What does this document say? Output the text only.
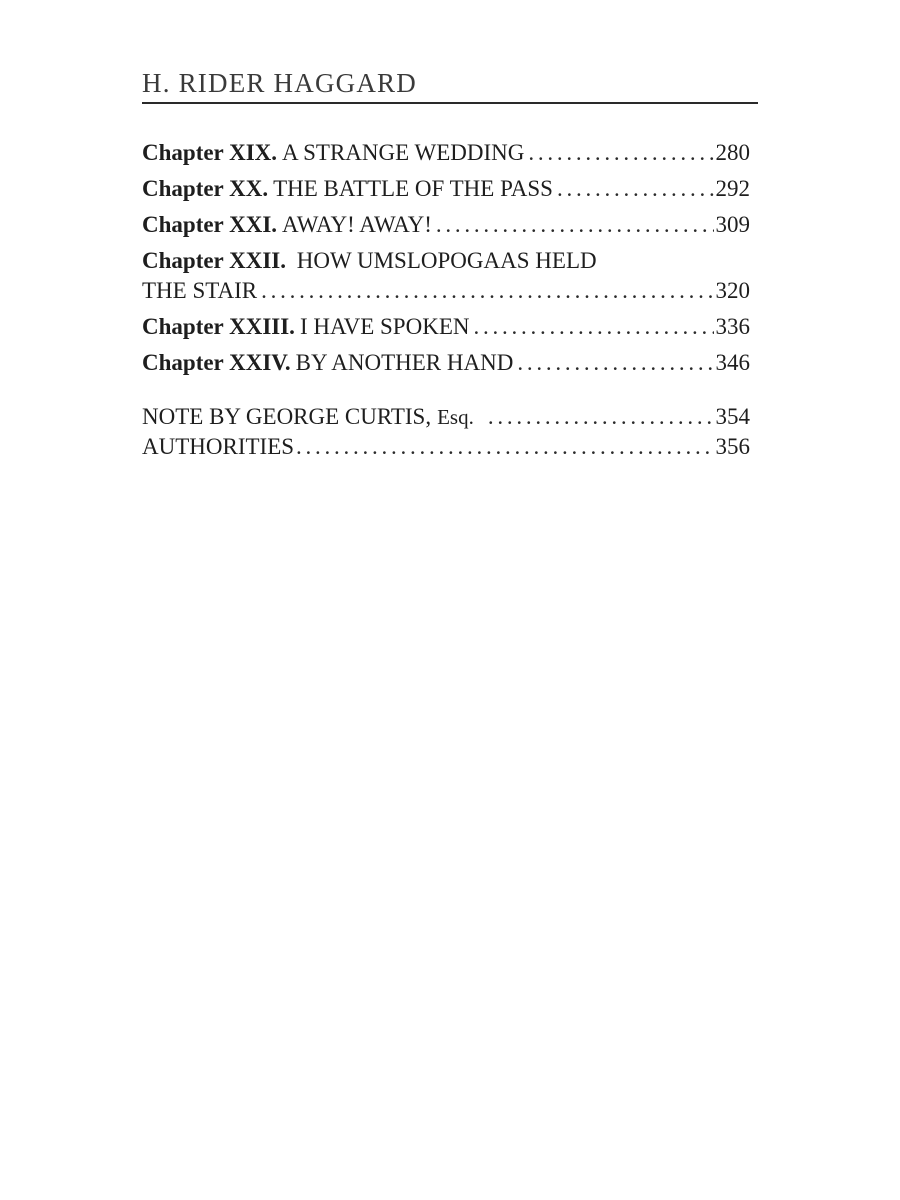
H. RIDER HAGGARD
Chapter XIX. A STRANGE WEDDING . . .	280
Chapter XX. THE BATTLE OF THE PASS . . .	292
Chapter XXI. AWAY! AWAY! . . .	309
Chapter XXII. HOW UMSLOPOGAAS HELD
THE STAIR . . .	320
Chapter XXIII. I HAVE SPOKEN . . .	336
Chapter XXIV. BY ANOTHER HAND . . .	346
NOTE BY GEORGE CURTIS, Esq. . . .	354
AUTHORITIES . . .	356
